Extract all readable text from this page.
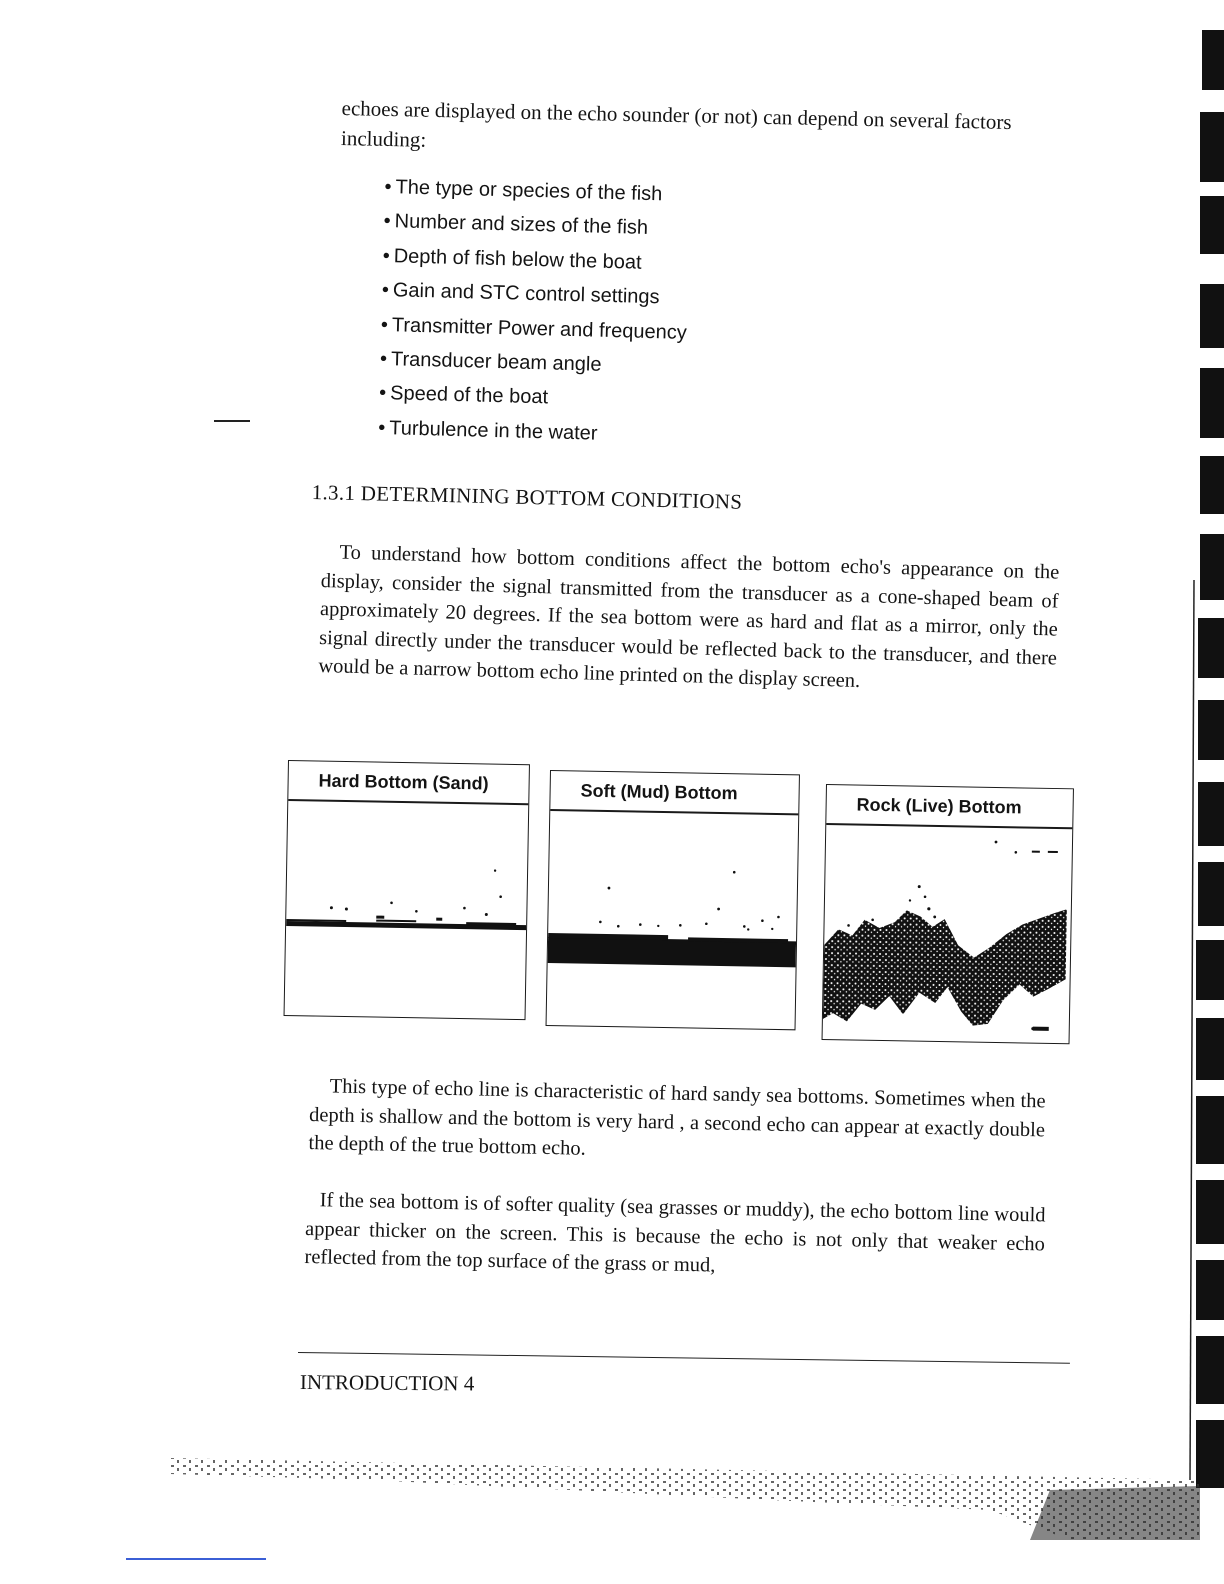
echoes are displayed on the echo sounder (or not) can depend on several factors including:

• The type or species of the fish
• Number and sizes of the fish
• Depth of fish below the boat
• Gain and STC control settings
• Transmitter Power and frequency
• Transducer beam angle
• Speed of the boat
• Turbulence in the water
1.3.1 DETERMINING BOTTOM CONDITIONS

To understand how bottom conditions affect the bottom echo's appearance on the display, consider the signal transmitted from the transducer as a cone-shaped beam of approximately 20 degrees. If the sea bottom were as hard and flat as a mirror, only the signal directly under the transducer would be reflected back to the transducer, and there would be a narrow bottom echo line printed on the display screen.

Hard Bottom (Sand)	Soft (Mud) Bottom
Rock (Live) Bottom

This type of echo line is characteristic of hard sandy sea bottoms. Sometimes when the depth is shallow and the bottom is very hard , a second echo can appear at exactly double the depth of the true bottom echo.

If the sea bottom is of softer quality (sea grasses or muddy), the echo bottom line would appear thicker on the screen. This is because the echo is not only that weaker echo reflected from the top surface of the grass or mud,

INTRODUCTION 4
